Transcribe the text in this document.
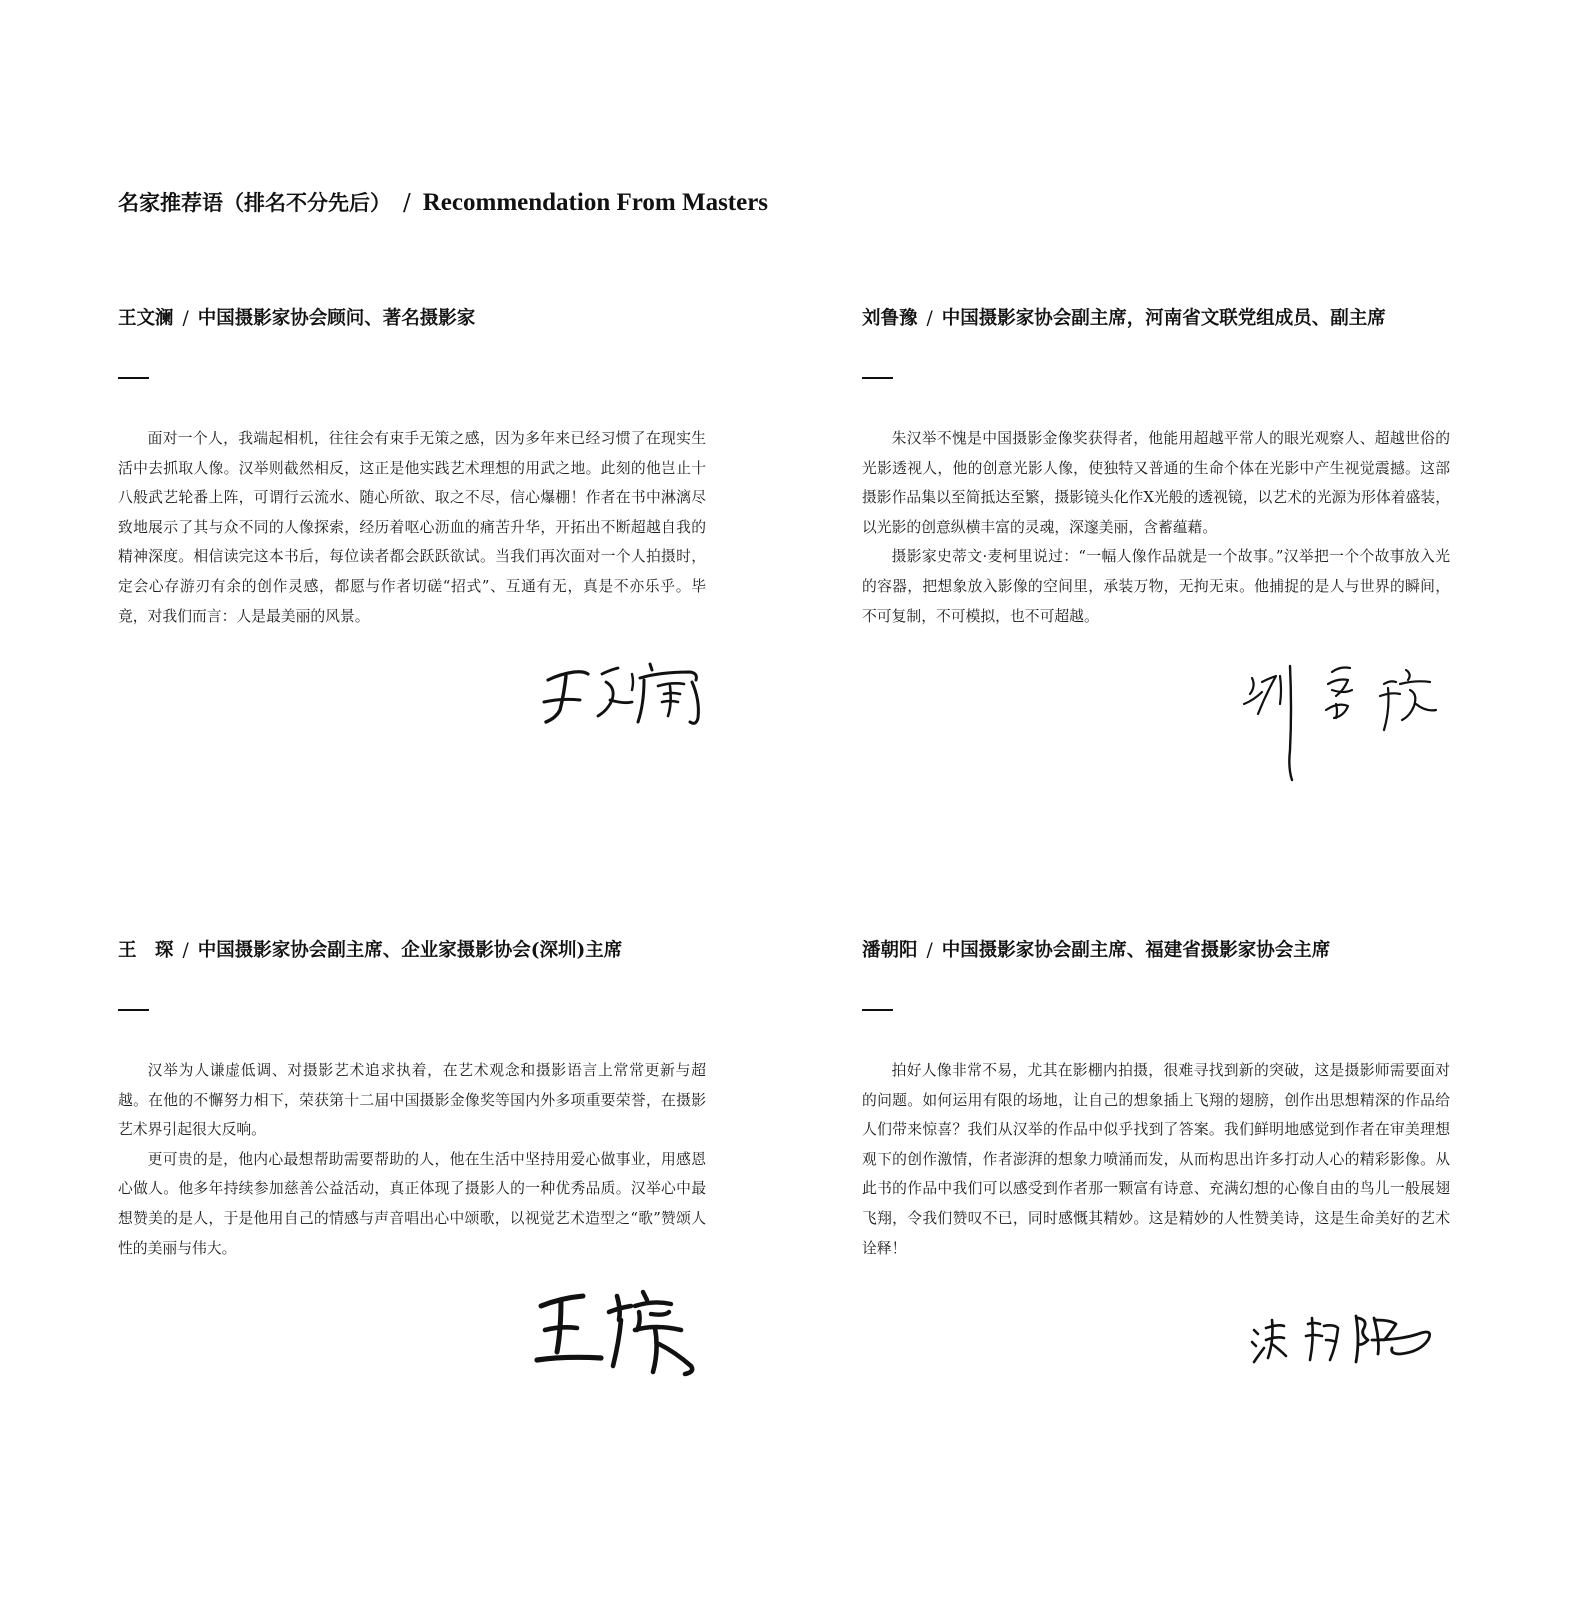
名家推荐语（排名不分先后） / Recommendation From Masters
王文澜 / 中国摄影家协会顾问、著名摄影家

面对一个人，我端起相机，往往会有束手无策之感，因为多年来已经习惯了在现实生活中去抓取人像。汉举则截然相反，这正是他实践艺术理想的用武之地。此刻的他岂止十八般武艺轮番上阵，可谓行云流水、随心所欲、取之不尽，信心爆棚！作者在书中淋漓尽致地展示了其与众不同的人像探索，经历着呕心沥血的痛苦升华，开拓出不断超越自我的精神深度。相信读完这本书后，每位读者都会跃跃欲试。当我们再次面对一个人拍摄时，定会心存游刃有余的创作灵感，都愿与作者切磋“招式”、互通有无，真是不亦乐乎。毕竟，对我们而言：人是最美丽的风景。

刘鲁豫 / 中国摄影家协会副主席，河南省文联党组成员、副主席

朱汉举不愧是中国摄影金像奖获得者，他能用超越平常人的眼光观察人、超越世俗的光影透视人，他的创意光影人像，使独特又普通的生命个体在光影中产生视觉震撼。这部摄影作品集以至简抵达至繁，摄影镜头化作X光般的透视镜，以艺术的光源为形体着盛装，以光影的创意纵横丰富的灵魂，深邃美丽，含蓄蕴藉。

摄影家史蒂文·麦柯里说过：“一幅人像作品就是一个故事。”汉举把一个个故事放入光的容器，把想象放入影像的空间里，承装万物，无拘无束。他捕捉的是人与世界的瞬间，不可复制，不可模拟，也不可超越。

王　琛 / 中国摄影家协会副主席、企业家摄影协会(深圳)主席

汉举为人谦虚低调、对摄影艺术追求执着，在艺术观念和摄影语言上常常更新与超越。在他的不懈努力相下，荣获第十二届中国摄影金像奖等国内外多项重要荣誉，在摄影艺术界引起很大反响。

更可贵的是，他内心最想帮助需要帮助的人，他在生活中坚持用爱心做事业，用感恩心做人。他多年持续参加慈善公益活动，真正体现了摄影人的一种优秀品质。汉举心中最想赞美的是人，于是他用自己的情感与声音唱出心中颂歌，以视觉艺术造型之“歌”赞颂人性的美丽与伟大。

潘朝阳 / 中国摄影家协会副主席、福建省摄影家协会主席

拍好人像非常不易，尤其在影棚内拍摄，很难寻找到新的突破，这是摄影师需要面对的问题。如何运用有限的场地，让自己的想象插上飞翔的翅膀，创作出思想精深的作品给人们带来惊喜？我们从汉举的作品中似乎找到了答案。我们鲜明地感觉到作者在审美理想观下的创作激情，作者澎湃的想象力喷涌而发，从而构思出许多打动人心的精彩影像。从此书的作品中我们可以感受到作者那一颗富有诗意、充满幻想的心像自由的鸟儿一般展翅飞翔，令我们赞叹不已，同时感慨其精妙。这是精妙的人性赞美诗，这是生命美好的艺术诠释！
